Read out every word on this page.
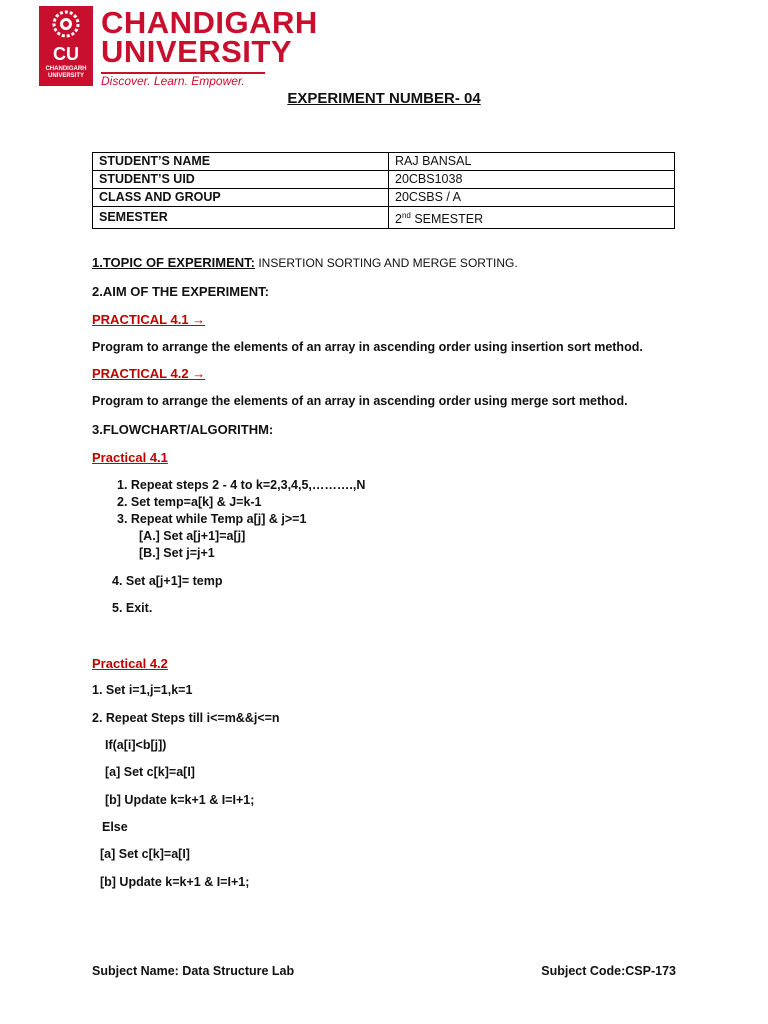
CU
CHANDIGARH UNIVERSITY
CHANDIGARH
UNIVERSITY
Discover. Learn. Empower.
EXPERIMENT NUMBER- 04
STUDENT’S NAME	RAJ BANSAL
STUDENT’S UID	20CBS1038
CLASS AND GROUP	20CSBS / A
SEMESTER	2nd SEMESTER
1.TOPIC OF EXPERIMENT: INSERTION SORTING AND MERGE SORTING.
2.AIM OF THE EXPERIMENT:
PRACTICAL 4.1 →
Program to arrange the elements of an array in ascending order using insertion sort method.
PRACTICAL 4.2 →
Program to arrange the elements of an array in ascending order using merge sort method.
3.FLOWCHART/ALGORITHM:
Practical 4.1
1. Repeat steps 2 - 4 to k=2,3,4,5,……….,N
2. Set temp=a[k] & J=k-1
3. Repeat while Temp a[j] & j>=1
[A.] Set a[j+1]=a[j]
[B.] Set j=j+1
4. Set a[j+1]= temp
5. Exit.
Practical 4.2
1. Set i=1,j=1,k=1
2. Repeat Steps till i<=m&&j<=n
If(a[i]<b[j])
[a] Set c[k]=a[I]
[b] Update k=k+1 & I=I+1;
Else
[a] Set c[k]=a[I]
[b] Update k=k+1 & I=I+1;
Subject Name: Data Structure Lab	Subject Code:CSP-173
